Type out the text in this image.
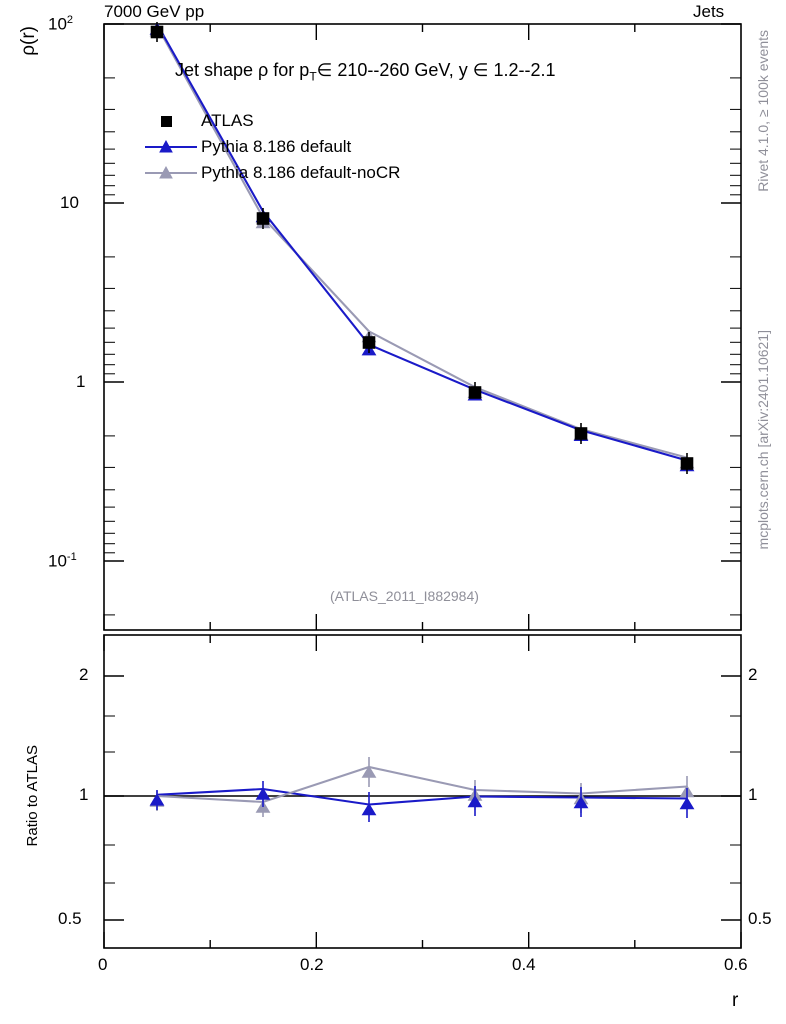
7000 GeV pp	Jets
Rivet 4.1.0, ≥ 100k events
mcplots.cern.ch [arXiv:2401.10621]
$10^2$
10
1
$10^{-1}$
ρ(r)
Jet shape ρ for $p_T\in$ 210--260 GeV, y ∈ 1.2--2.1
ATLAS
Pythia 8.186 default
Pythia 8.186 default-noCR
(ATLAS_2011_I882984)
2
1
0.5
2
1
0.5
Ratio to ATLAS
0	0.2	0.4	0.6
r
